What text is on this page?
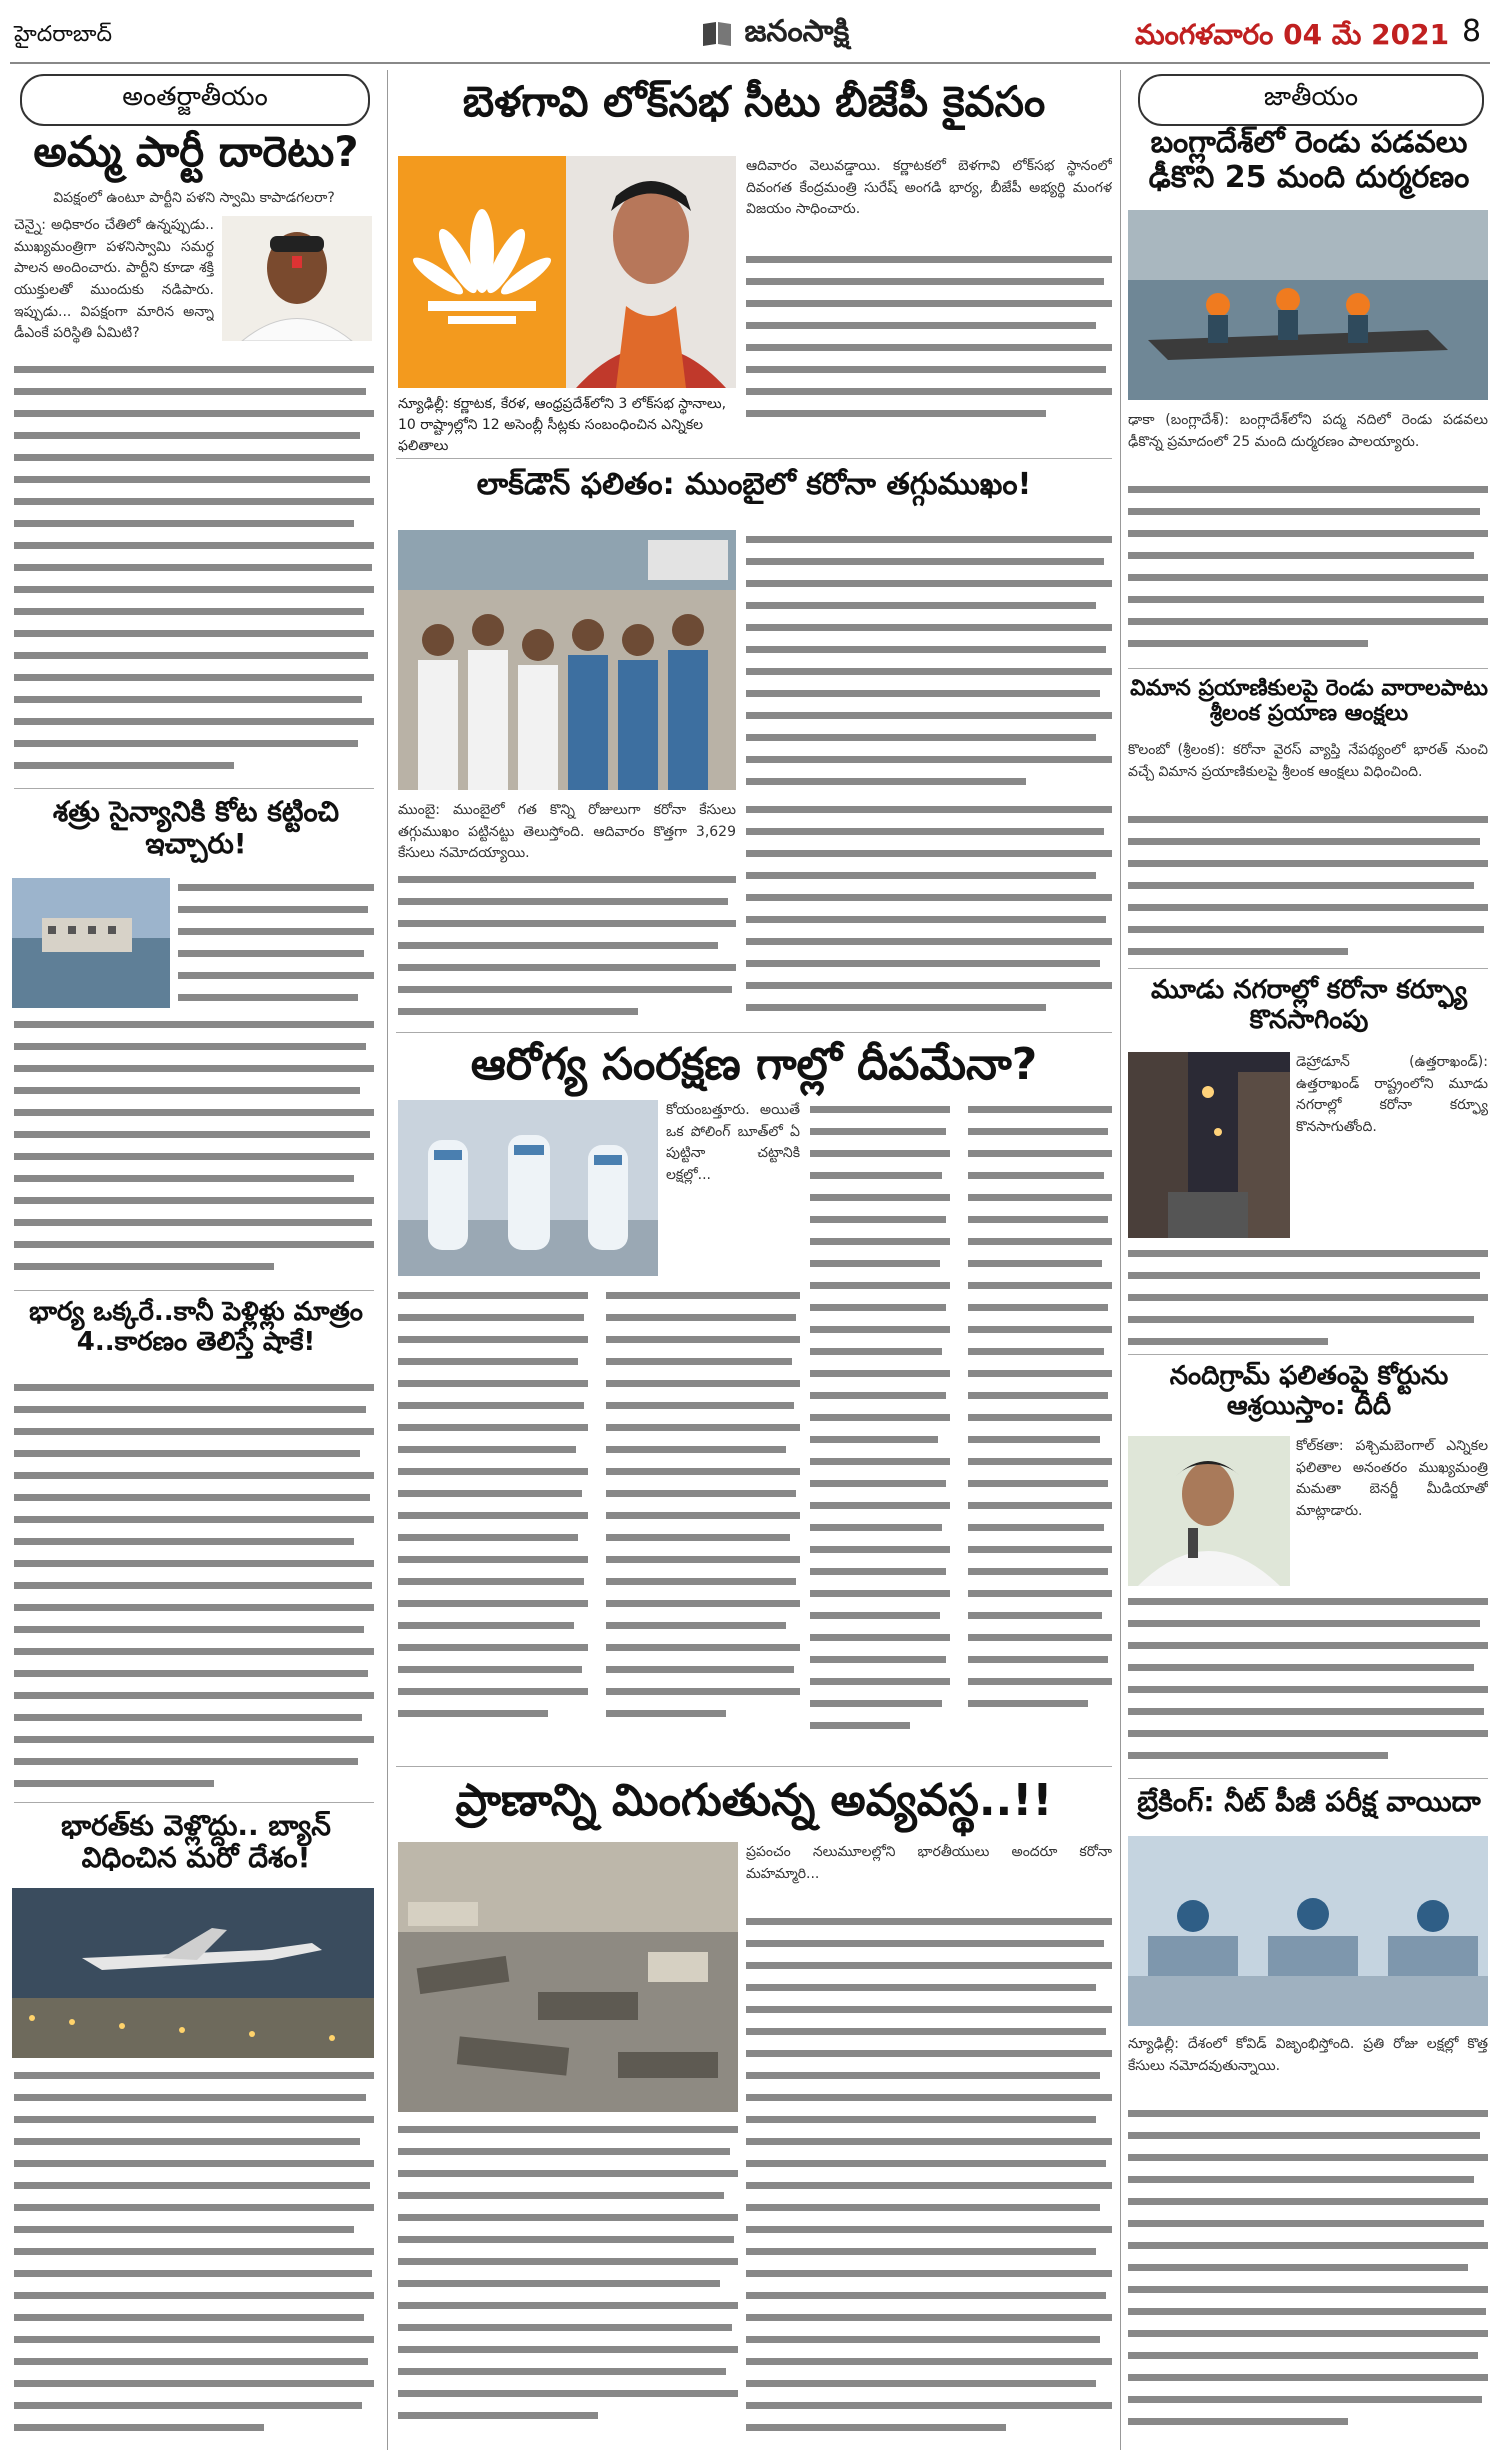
హైదరాబాద్	జనంసాక్షి	మంగళవారం 04 మే 2021 8
అంతర్జాతీయం
అమ్మ పార్టీ దారెటు?
విపక్షంలో ఉంటూ పార్టీని పళని స్వామి కాపాడగలరా?
చెన్నై: అధికారం చేతిలో ఉన్నప్పుడు.. ముఖ్యమంత్రిగా పళనిస్వామి సమర్థ పాలన అందించారు. పార్టీని కూడా శక్తి యుక్తులతో ముందుకు నడిపారు. ఇప్పుడు... విపక్షంగా మారిన అన్నా డీఎంకే పరిస్థితి ఏమిటి?
శత్రు సైన్యానికి కోట కట్టించి ఇచ్చారు!
భార్య ఒక్కరే..కానీ పెళ్లిళ్లు మాత్రం 4..కారణం తెలిస్తే షాకే!
భారత్‌కు వెళ్లొద్దు.. బ్యాన్ విధించిన మరో దేశం!
బెళగావి లోక్‌సభ సీటు బీజేపీ కైవసం
న్యూఢిల్లీ: కర్ణాటక, కేరళ, ఆంధ్రప్రదేశ్‌లోని 3 లోక్‌సభ స్థానాలు, 10 రాష్ట్రాల్లోని 12 అసెంబ్లీ సీట్లకు సంబంధించిన ఎన్నికల ఫలితాలు
ఆదివారం వెలువడ్డాయి. కర్ణాటకలో బెళగావి లోక్‌సభ స్థానంలో దివంగత కేంద్రమంత్రి సురేష్ అంగడి భార్య, బీజేపీ అభ్యర్థి మంగళ విజయం సాధించారు.
లాక్‌డౌన్ ఫలితం: ముంబైలో కరోనా తగ్గుముఖం!
ముంబై: ముంబైలో గత కొన్ని రోజులుగా కరోనా కేసులు తగ్గుముఖం పట్టినట్టు తెలుస్తోంది. ఆదివారం కొత్తగా 3,629 కేసులు నమోదయ్యాయి.
ఆరోగ్య సంరక్షణ గాల్లో దీపమేనా?
కోయంబత్తూరు. అయితే ఒక పోలింగ్ బూత్‌లో ఏ పుట్టినా చట్టానికి లక్షల్లో...
ప్రాణాన్ని మింగుతున్న అవ్యవస్థ..!!
ప్రపంచం నలుమూలల్లోని భారతీయులు అందరూ కరోనా మహమ్మారి...
జాతీయం
బంగ్లాదేశ్‌లో రెండు పడవలు ఢీకొని 25 మంది దుర్మరణం
ఢాకా (బంగ్లాదేశ్): బంగ్లాదేశ్‌లోని పద్మ నదిలో రెండు పడవలు ఢీకొన్న ప్రమాదంలో 25 మంది దుర్మరణం పాలయ్యారు.
విమాన ప్రయాణికులపై రెండు వారాలపాటు శ్రీలంక ప్రయాణ ఆంక్షలు
కొలంబో (శ్రీలంక): కరోనా వైరస్ వ్యాప్తి నేపథ్యంలో భారత్ నుంచి వచ్చే విమాన ప్రయాణికులపై శ్రీలంక ఆంక్షలు విధించింది.
మూడు నగరాల్లో కరోనా కర్ఫ్యూ కొనసాగింపు
డెహ్రాడూన్ (ఉత్తరాఖండ్): ఉత్తరాఖండ్ రాష్ట్రంలోని మూడు నగరాల్లో కరోనా కర్ఫ్యూ కొనసాగుతోంది.
నందిగ్రామ్ ఫలితంపై కోర్టును ఆశ్రయిస్తాం: దీదీ
కోల్‌కతా: పశ్చిమబెంగాల్ ఎన్నికల ఫలితాల అనంతరం ముఖ్యమంత్రి మమతా బెనర్జీ మీడియాతో మాట్లాడారు.
బ్రేకింగ్: నీట్ పీజీ పరీక్ష వాయిదా
న్యూఢిల్లీ: దేశంలో కోవిడ్ విజృంభిస్తోంది. ప్రతి రోజు లక్షల్లో కొత్త కేసులు నమోదవుతున్నాయి.
